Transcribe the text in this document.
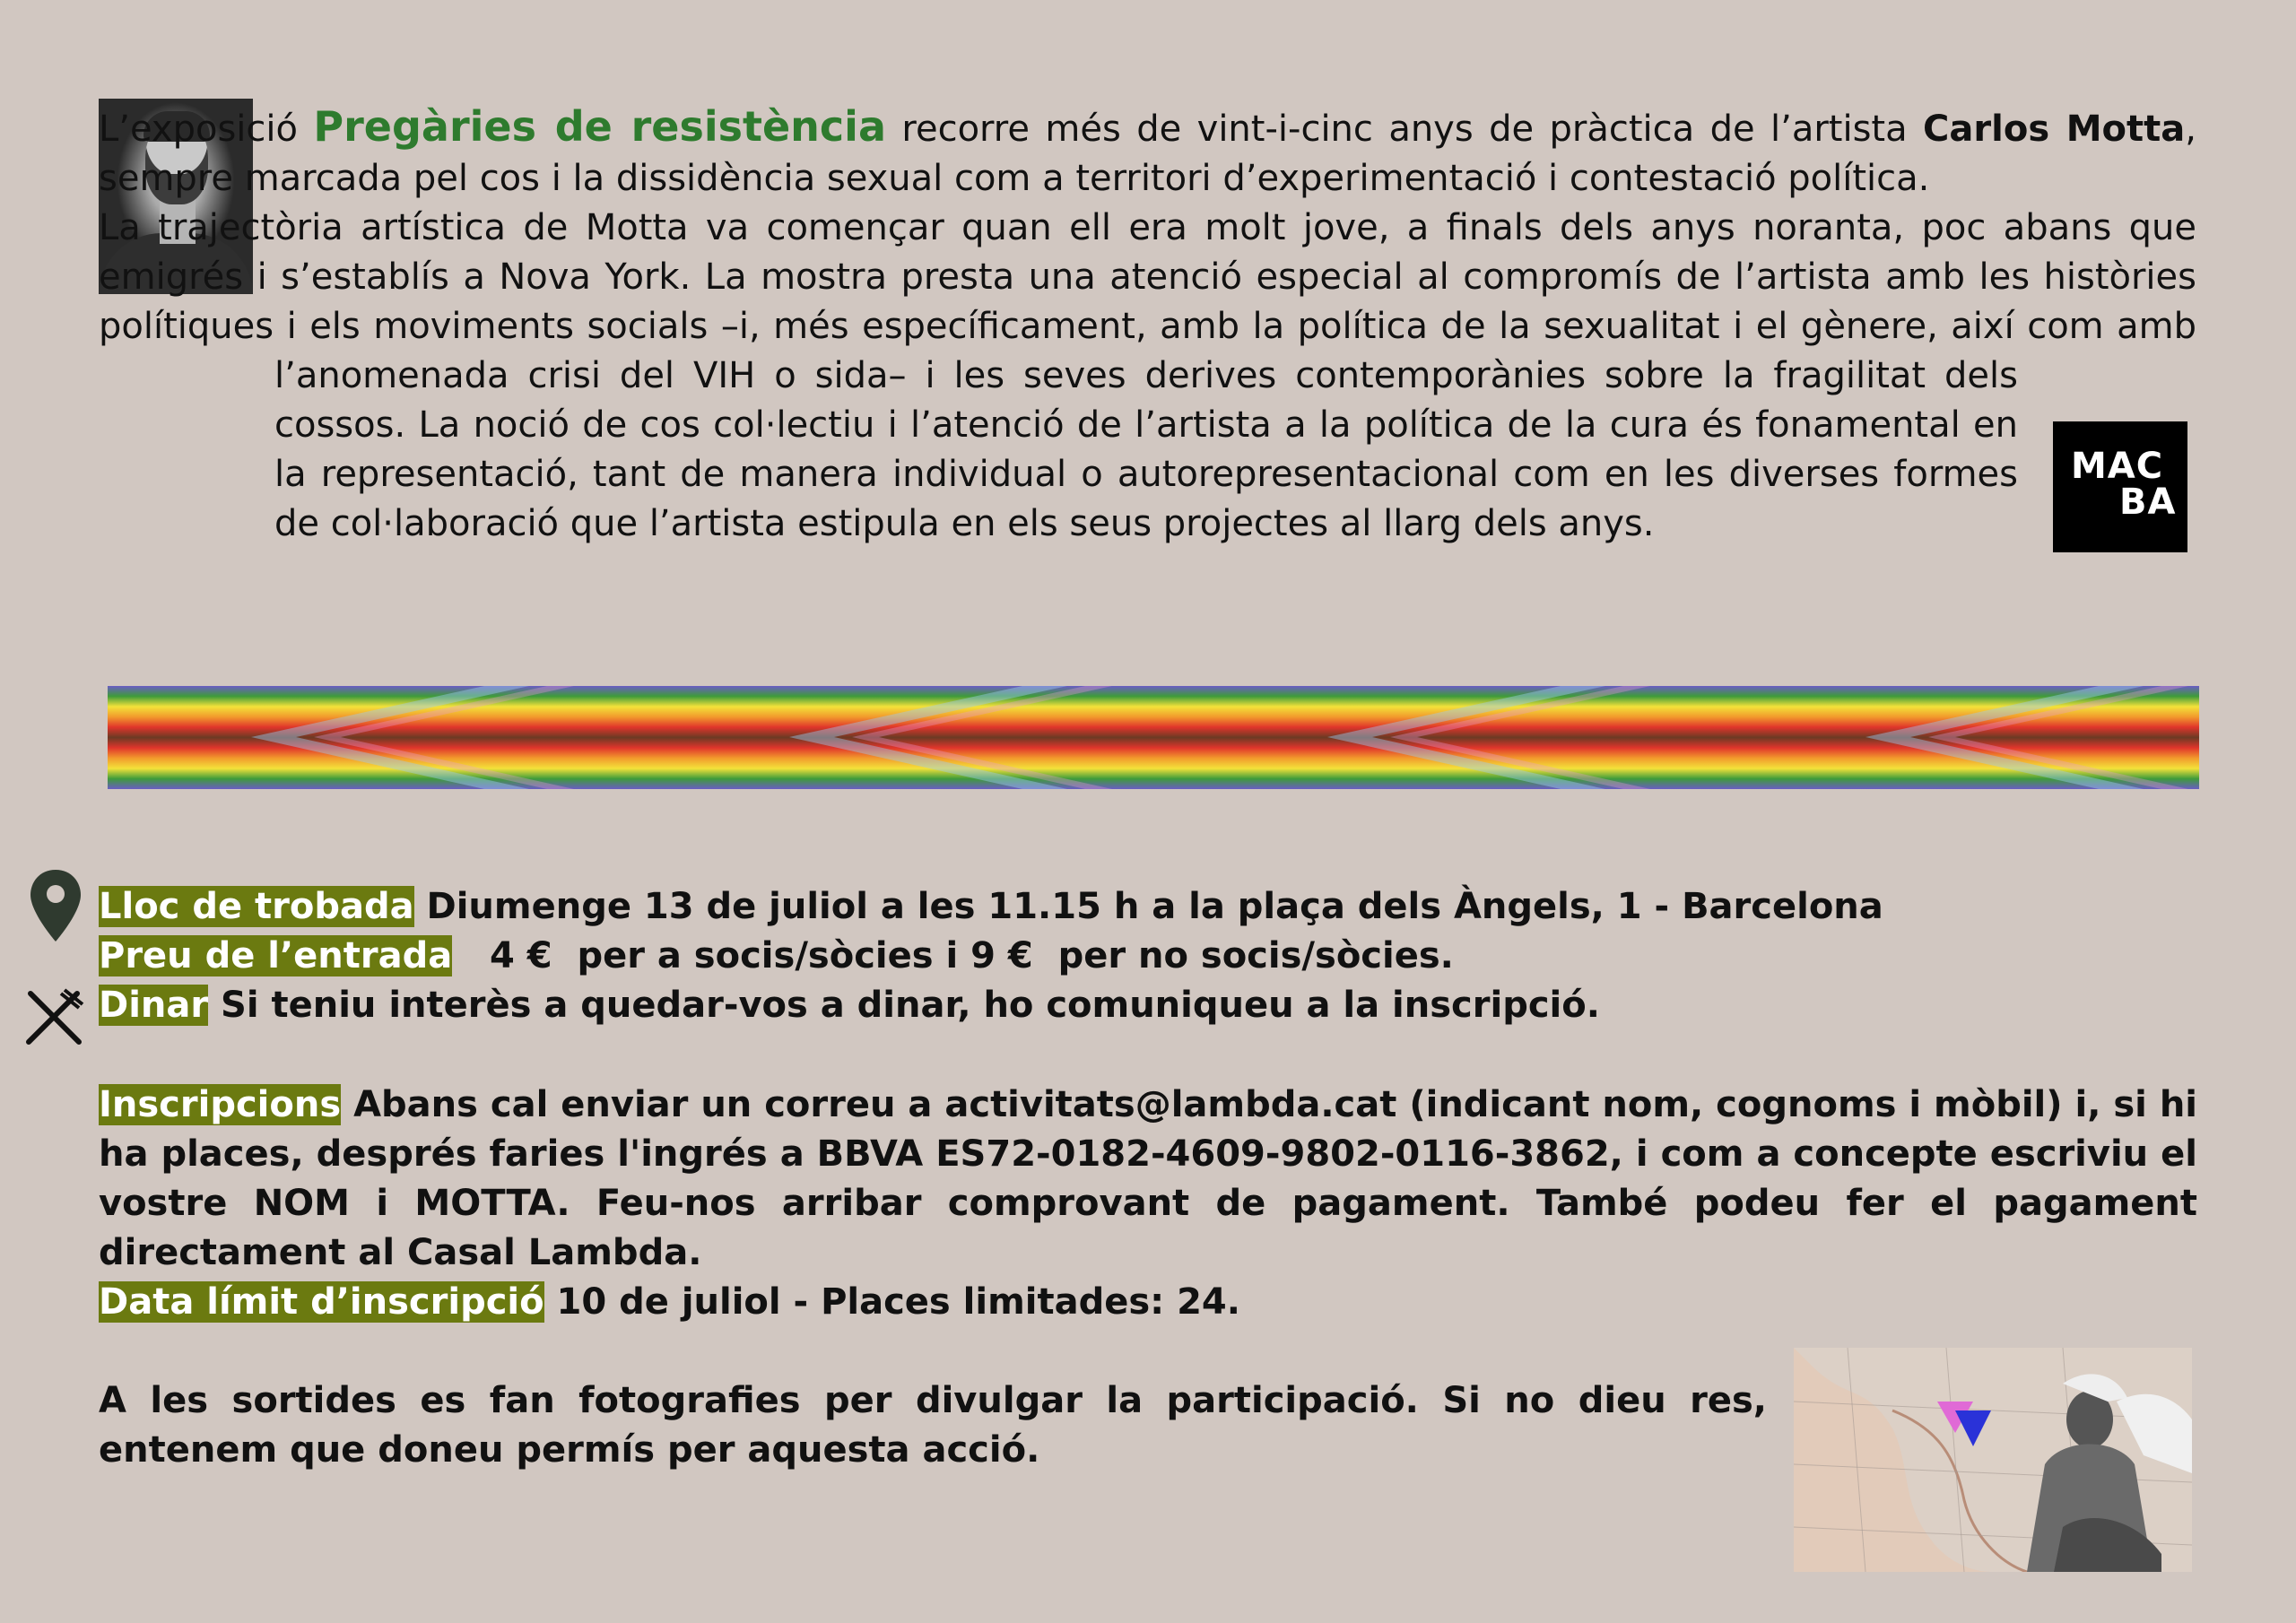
L’exposició Pregàries de resistència recorre més de vint-i-cinc anys de pràctica de l’artista Carlos Motta, sempre marcada pel cos i la dissidència sexual com a territori d’experimentació i contestació política.

La trajectòria artística de Motta va començar quan ell era molt jove, a finals dels anys noranta, poc abans que emigrés i s’establís a Nova York. La mostra presta una atenció especial al compromís de l’artista amb les històries polítiques i els moviments socials –i, més específicament, amb la política de la sexualitat i el gènere, així com amb l’anomenada crisi del VIH o sida– i les seves derives contemporànies sobre la fragilitat dels cossos. La noció de cos col·lectiu i l’atenció de l’artista a la política de la cura és fonamental en la representació, tant de manera individual o autorepresentacional com en les diverses formes de col·laboració que l’artista estipula en els seus projectes al llarg dels anys.

MAC
BA
Lloc de trobada Diumenge 13 de juliol a les 11.15 h a la plaça dels Àngels, 1 - Barcelona
Preu de l’entrada   4 €  per a socis/sòcies i 9 €  per no socis/sòcies.
Dinar Si teniu interès a quedar-vos a dinar, ho comuniqueu a la inscripció.

Inscripcions Abans cal enviar un correu a activitats@lambda.cat (indicant nom, cognoms i mòbil) i, si hi ha places, després faries l'ingrés a BBVA ES72-0182-4609-9802-0116-3862, i com a concepte escriviu el vostre NOM i MOTTA. Feu-nos arribar comprovant de pagament. També podeu fer el pagament directament al Casal Lambda.

Data límit d’inscripció 10 de juliol - Places limitades: 24.

A les sortides es fan fotografies per divulgar la participació. Si no dieu res, entenem que doneu permís per aquesta acció.
